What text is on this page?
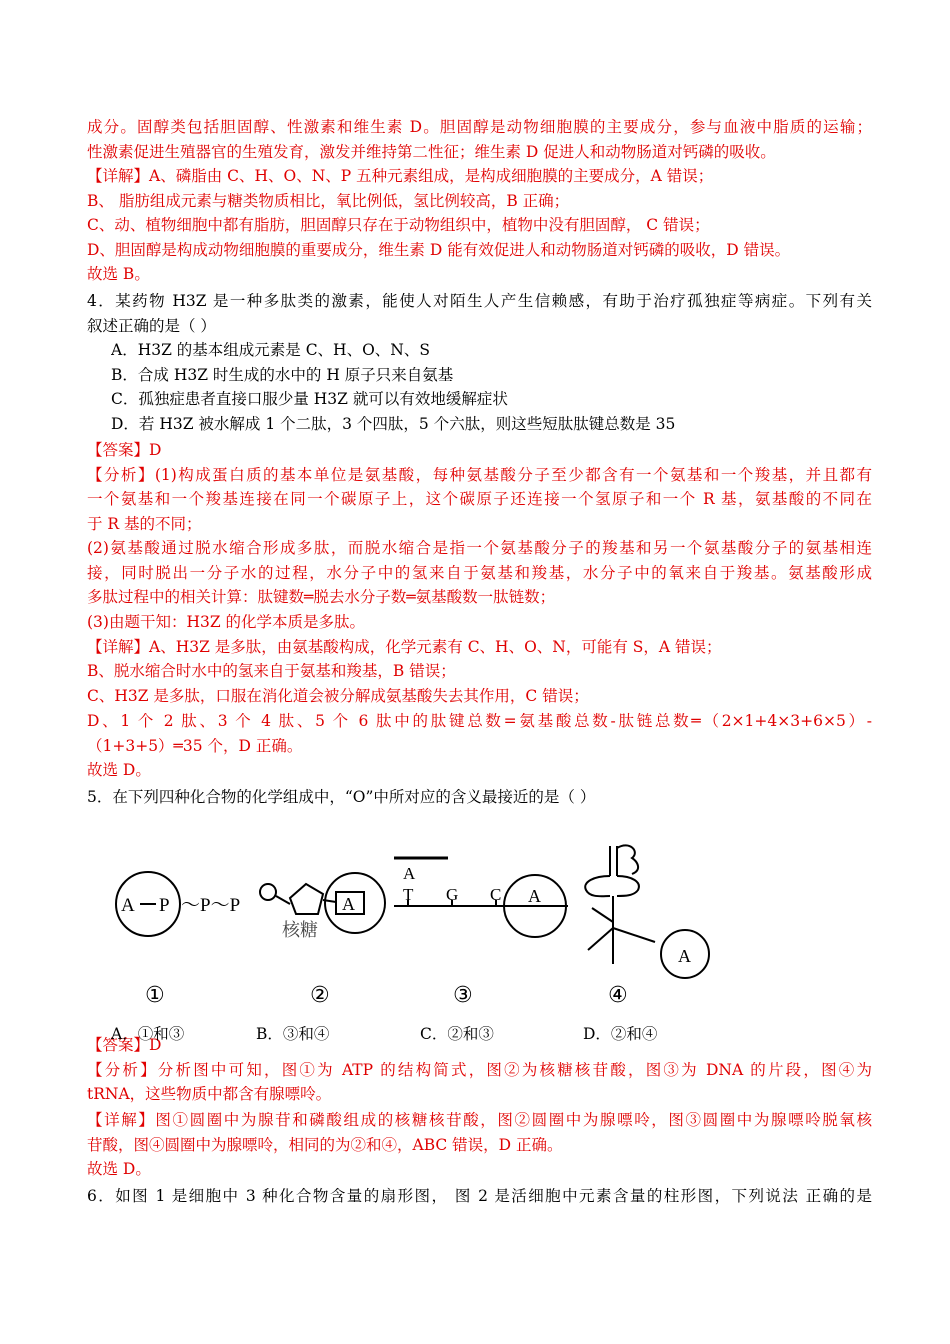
成分。固醇类包括胆固醇、性激素和维生素 D。胆固醇是动物细胞膜的主要成分，参与血液中脂质的运输；
性激素促进生殖器官的生殖发育，激发并维持第二性征；维生素 D 促进人和动物肠道对钙磷的吸收。
【详解】A、磷脂由 C、H、O、N、P 五种元素组成，是构成细胞膜的主要成分，A 错误；
B、 脂肪组成元素与糖类物质相比，氧比例低，氢比例较高，B 正确；
C、动、植物细胞中都有脂肪，胆固醇只存在于动物组织中，植物中没有胆固醇， C 错误；
D、胆固醇是构成动物细胞膜的重要成分，维生素 D 能有效促进人和动物肠道对钙磷的吸收，D 错误。
故选 B。
4．某药物 H3Z 是一种多肽类的激素，能使人对陌生人产生信赖感，有助于治疗孤独症等病症。下列有关
叙述正确的是（ ）
A．H3Z 的基本组成元素是 C、H、O、N、S
B．合成 H3Z 时生成的水中的 H 原子只来自氨基
C．孤独症患者直接口服少量 H3Z 就可以有效地缓解症状
D．若 H3Z 被水解成 1 个二肽，3 个四肽，5 个六肽，则这些短肽肽键总数是 35
【答案】D
【分析】(1)构成蛋白质的基本单位是氨基酸，每种氨基酸分子至少都含有一个氨基和一个羧基，并且都有
一个氨基和一个羧基连接在同一个碳原子上，这个碳原子还连接一个氢原子和一个 R 基，氨基酸的不同在
于 R 基的不同；
(2)氨基酸通过脱水缩合形成多肽，而脱水缩合是指一个氨基酸分子的羧基和另一个氨基酸分子的氨基相连
接，同时脱出一分子水的过程，水分子中的氢来自于氨基和羧基，水分子中的氧来自于羧基。氨基酸形成
多肽过程中的相关计算：肽键数═脱去水分子数═氨基酸数一肽链数；
(3)由题干知：H3Z 的化学本质是多肽。
【详解】A、H3Z 是多肽，由氨基酸构成，化学元素有 C、H、O、N，可能有 S，A 错误；
B、脱水缩合时水中的氢来自于氨基和羧基，B 错误；
C、H3Z 是多肽，口服在消化道会被分解成氨基酸失去其作用，C 错误；
D、1 个 2 肽、3 个 4 肽、5 个 6 肽中的肽键总数=氨基酸总数-肽链总数═（2×1+4×3+6×5）-
（1+3+5）═35 个，D 正确。
故选 D。
5．在下列四种化合物的化学组成中，“O”中所对应的含义最接近的是（ ）
【答案】D
【分析】分析图中可知，图①为 ATP 的结构简式，图②为核糖核苷酸，图③为 DNA 的片段，图④为
tRNA，这些物质中都含有腺嘌呤。
【详解】图①圆圈中为腺苷和磷酸组成的核糖核苷酸，图②圆圈中为腺嘌呤，图③圆圈中为腺嘌呤脱氧核
苷酸，图④圆圈中为腺嘌呤，相同的为②和④，ABC 错误，D 正确。
故选 D。
6．如图 1 是细胞中 3 种化合物含量的扇形图， 图 2 是活细胞中元素含量的柱形图，下列说法 正确的是
A P ～P～P
①
A
核糖
②
A
T G C A
③
A
④
A．①和③	B．③和④	C．②和③	D．②和④
